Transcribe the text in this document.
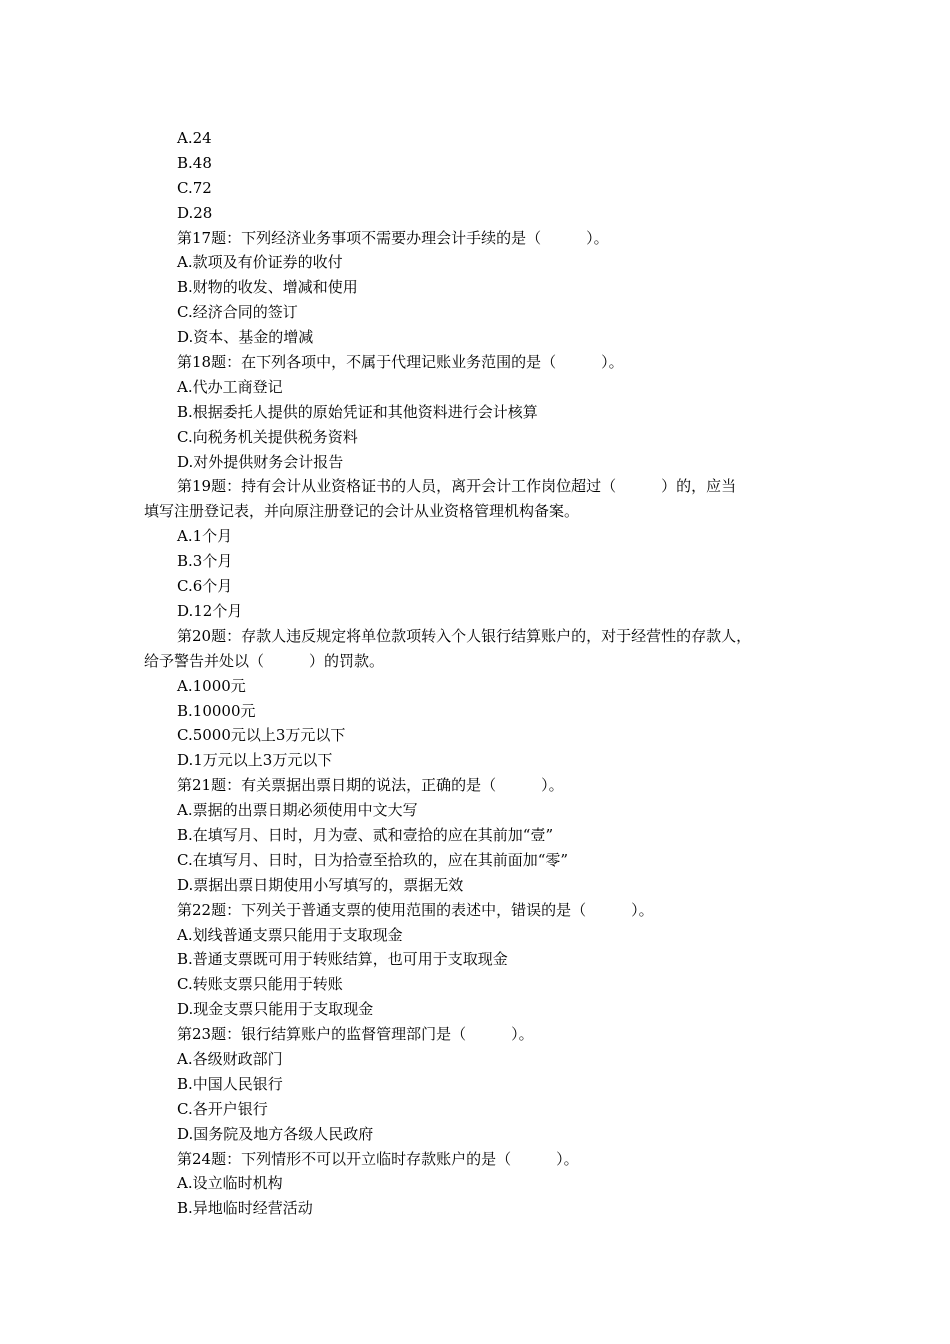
A.24
B.48
C.72
D.28
第17题：下列经济业务事项不需要办理会计手续的是（　　　）。
A.款项及有价证券的收付
B.财物的收发、增减和使用
C.经济合同的签订
D.资本、基金的增减
第18题：在下列各项中，不属于代理记账业务范围的是（　　　）。
A.代办工商登记
B.根据委托人提供的原始凭证和其他资料进行会计核算
C.向税务机关提供税务资料
D.对外提供财务会计报告
第19题：持有会计从业资格证书的人员，离开会计工作岗位超过（　　　）的，应当
填写注册登记表，并向原注册登记的会计从业资格管理机构备案。
A.1个月
B.3个月
C.6个月
D.12个月
第20题：存款人违反规定将单位款项转入个人银行结算账户的，对于经营性的存款人，
给予警告并处以（　　　）的罚款。
A.1000元
B.10000元
C.5000元以上3万元以下
D.1万元以上3万元以下
第21题：有关票据出票日期的说法，正确的是（　　　）。
A.票据的出票日期必须使用中文大写
B.在填写月、日时，月为壹、贰和壹拾的应在其前加“壹”
C.在填写月、日时，日为拾壹至拾玖的，应在其前面加“零”
D.票据出票日期使用小写填写的，票据无效
第22题：下列关于普通支票的使用范围的表述中，错误的是（　　　）。
A.划线普通支票只能用于支取现金
B.普通支票既可用于转账结算，也可用于支取现金
C.转账支票只能用于转账
D.现金支票只能用于支取现金
第23题：银行结算账户的监督管理部门是（　　　）。
A.各级财政部门
B.中国人民银行
C.各开户银行
D.国务院及地方各级人民政府
第24题：下列情形不可以开立临时存款账户的是（　　　）。
A.设立临时机构
B.异地临时经营活动
